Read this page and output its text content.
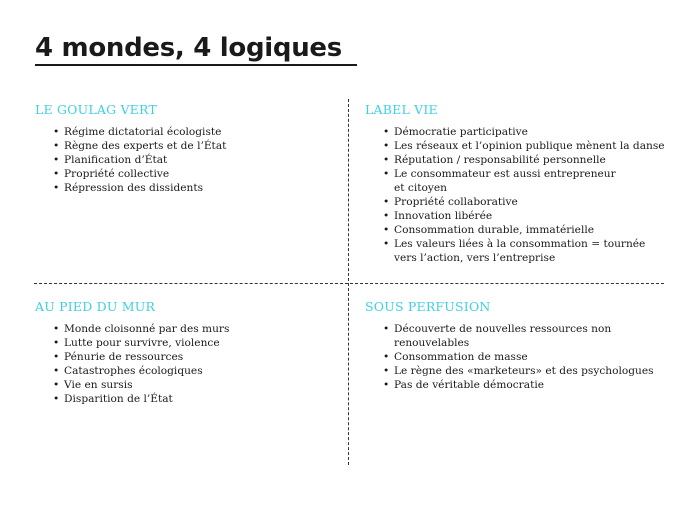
4 mondes, 4 logiques
LE GOULAG VERT
• Régime dictatorial écologiste
• Règne des experts et de l’État
• Planification d’État
• Propriété collective
• Répression des dissidents
LABEL VIE
• Démocratie participative
• Les réseaux et l’opinion publique mènent la danse
• Réputation / responsabilité personnelle
• Le consommateur est aussi entrepreneur
et citoyen
• Propriété collaborative
• Innovation libérée
• Consommation durable, immatérielle
• Les valeurs liées à la consommation = tournée
vers l’action, vers l’entreprise
AU PIED DU MUR
• Monde cloisonné par des murs
• Lutte pour survivre, violence
• Pénurie de ressources
• Catastrophes écologiques
• Vie en sursis
• Disparition de l’État
SOUS PERFUSION
• Découverte de nouvelles ressources non
renouvelables
• Consommation de masse
• Le règne des «marketeurs» et des psychologues
• Pas de véritable démocratie
